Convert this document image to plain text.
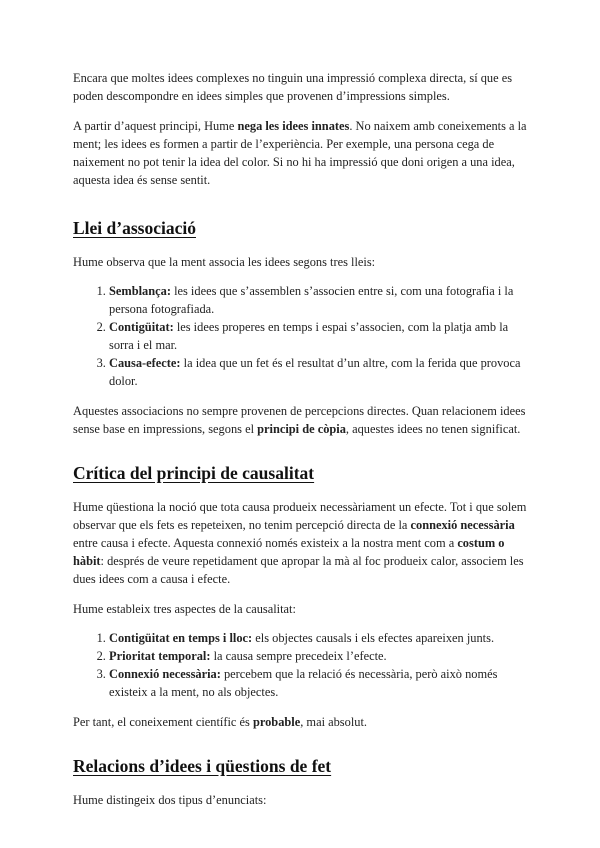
Encara que moltes idees complexes no tinguin una impressió complexa directa, sí que es poden descompondre en idees simples que provenen d’impressions simples.

A partir d’aquest principi, Hume nega les idees innates. No naixem amb coneixements a la ment; les idees es formen a partir de l’experiència. Per exemple, una persona cega de naixement no pot tenir la idea del color. Si no hi ha impressió que doni origen a una idea, aquesta idea és sense sentit.

Llei d’associació

Hume observa que la ment associa les idees segons tres lleis:

1. Semblança: les idees que s’assemblen s’associen entre si, com una fotografia i la persona fotografiada.
2. Contigüitat: les idees properes en temps i espai s’associen, com la platja amb la sorra i el mar.
3. Causa-efecte: la idea que un fet és el resultat d’un altre, com la ferida que provoca dolor.

Aquestes associacions no sempre provenen de percepcions directes. Quan relacionem idees sense base en impressions, segons el principi de còpia, aquestes idees no tenen significat.

Crítica del principi de causalitat

Hume qüestiona la noció que tota causa produeix necessàriament un efecte. Tot i que solem observar que els fets es repeteixen, no tenim percepció directa de la connexió necessària entre causa i efecte. Aquesta connexió només existeix a la nostra ment com a costum o hàbit: després de veure repetidament que apropar la mà al foc produeix calor, associem les dues idees com a causa i efecte.

Hume estableix tres aspectes de la causalitat:

1. Contigüitat en temps i lloc: els objectes causals i els efectes apareixen junts.
2. Prioritat temporal: la causa sempre precedeix l’efecte.
3. Connexió necessària: percebem que la relació és necessària, però això només existeix a la ment, no als objectes.

Per tant, el coneixement científic és probable, mai absolut.

Relacions d’idees i qüestions de fet

Hume distingeix dos tipus d’enunciats:
